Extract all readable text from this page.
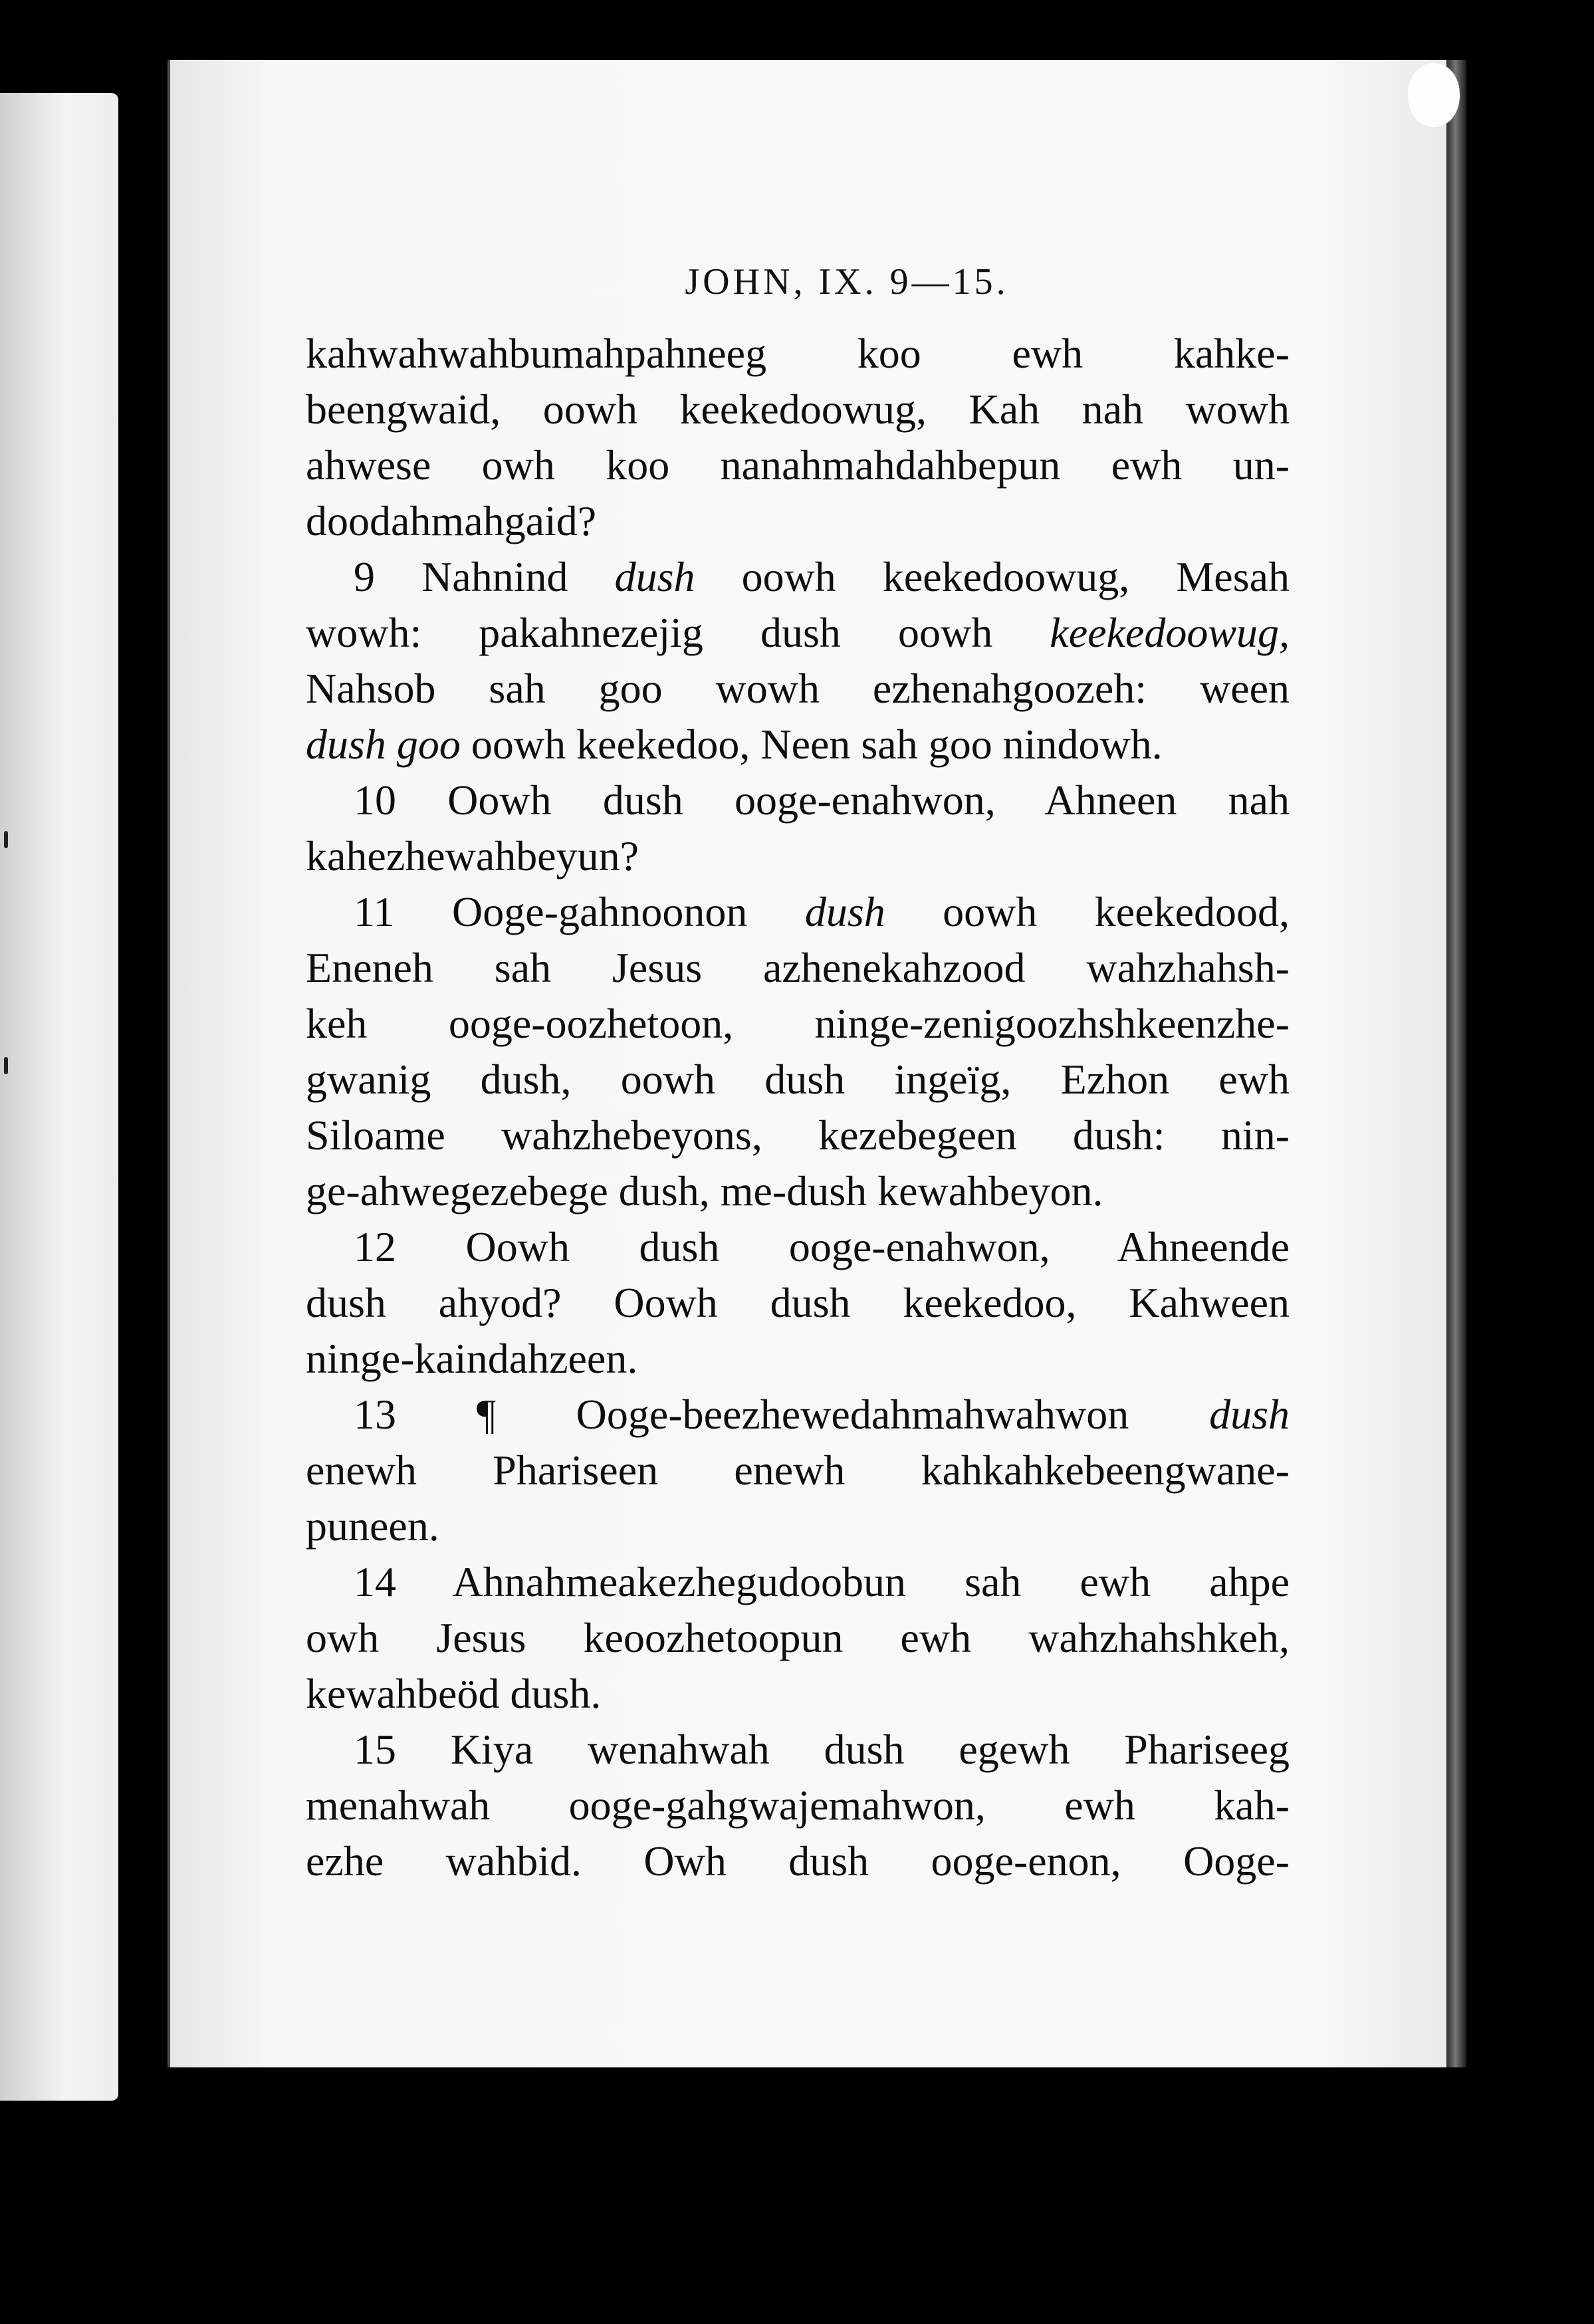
JOHN, IX. 9—15.
kahwahwahbumahpahneeg koo ewh kahke-
beengwaid, oowh keekedoowug, Kah nah wowh
ahwese owh koo nanahmahdahbepun ewh un-
doodahmahgaid?
9 Nahnind dush oowh keekedoowug, Mesah
wowh: pakahnezejig dush oowh keekedoowug,
Nahsob sah goo wowh ezhenahgoozeh: ween
dush goo oowh keekedoo, Neen sah goo nindowh.
10 Oowh dush ooge-enahwon, Ahneen nah
kahezhewahbeyun?
11 Ooge-gahnoonon dush oowh keekedood,
Eneneh sah Jesus azhenekahzood wahzhahsh-
keh ooge-oozhetoon, ninge-zenigoozhshkeenzhe-
gwanig dush, oowh dush ingeïg, Ezhon ewh
Siloame wahzhebeyons, kezebegeen dush: nin-
ge-ahwegezebege dush, me-dush kewahbeyon.
12 Oowh dush ooge-enahwon, Ahneende
dush ahyod? Oowh dush keekedoo, Kahween
ninge-kaindahzeen.
13 ¶ Ooge-beezhewedahmahwahwon dush
enewh Phariseen enewh kahkahkebeengwane-
puneen.
14 Ahnahmeakezhegudoobun sah ewh ahpe
owh Jesus keoozhetoopun ewh wahzhahshkeh,
kewahbeöd dush.
15 Kiya wenahwah dush egewh Phariseeg
menahwah ooge-gahgwajemahwon, ewh kah-
ezhe wahbid. Owh dush ooge-enon, Ooge-
